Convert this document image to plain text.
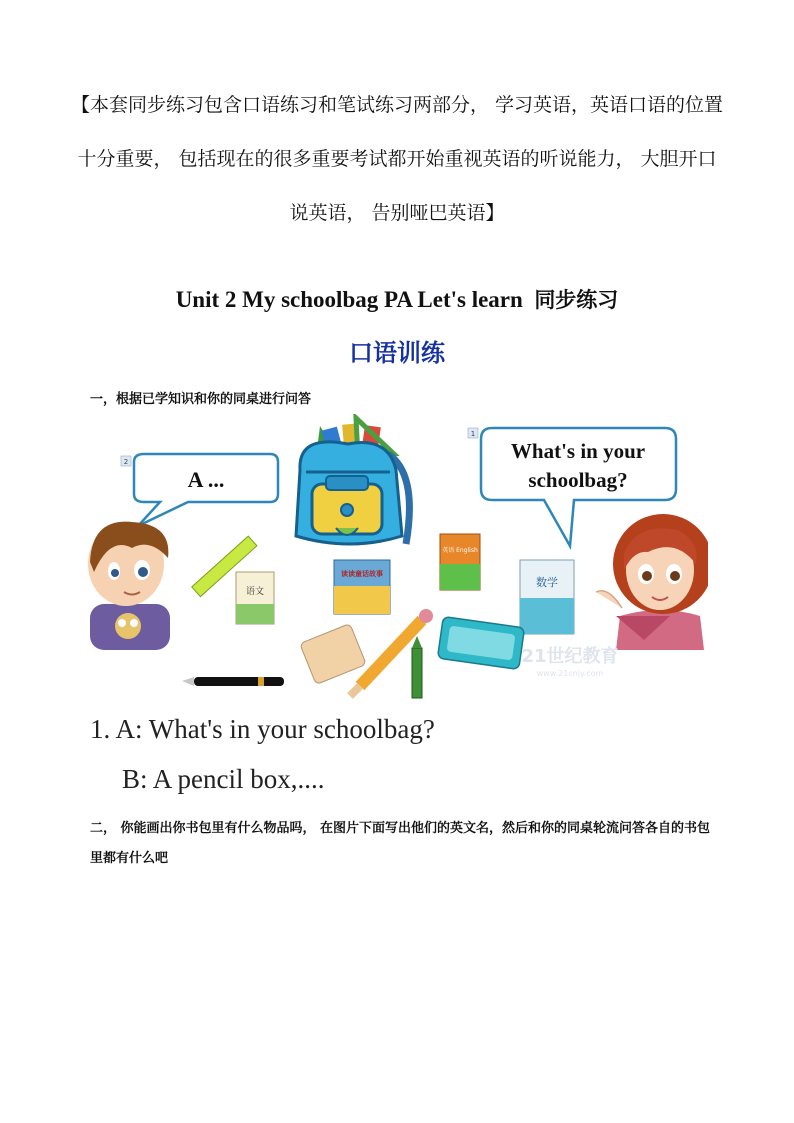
【本套同步练习包含口语练习和笔试练习两部分， 学习英语，英语口语的位置十分重要， 包括现在的很多重要考试都开始重视英语的听说能力， 大胆开口说英语， 告别哑巴英语】
Unit 2 My schoolbag PA Let's learn 同步练习
口语训练
一，根据已学知识和你的同桌进行问答
A ...
2	What's in your
schoolbag?
1
语文
读读童话故事
英语 English
数学
21世纪教育
www.21cnjy.com
1. A: What's in your schoolbag?
B: A pencil box,....
二， 你能画出你书包里有什么物品吗， 在图片下面写出他们的英文名，然后和你的同桌轮流问答各自的书包里都有什么吧
